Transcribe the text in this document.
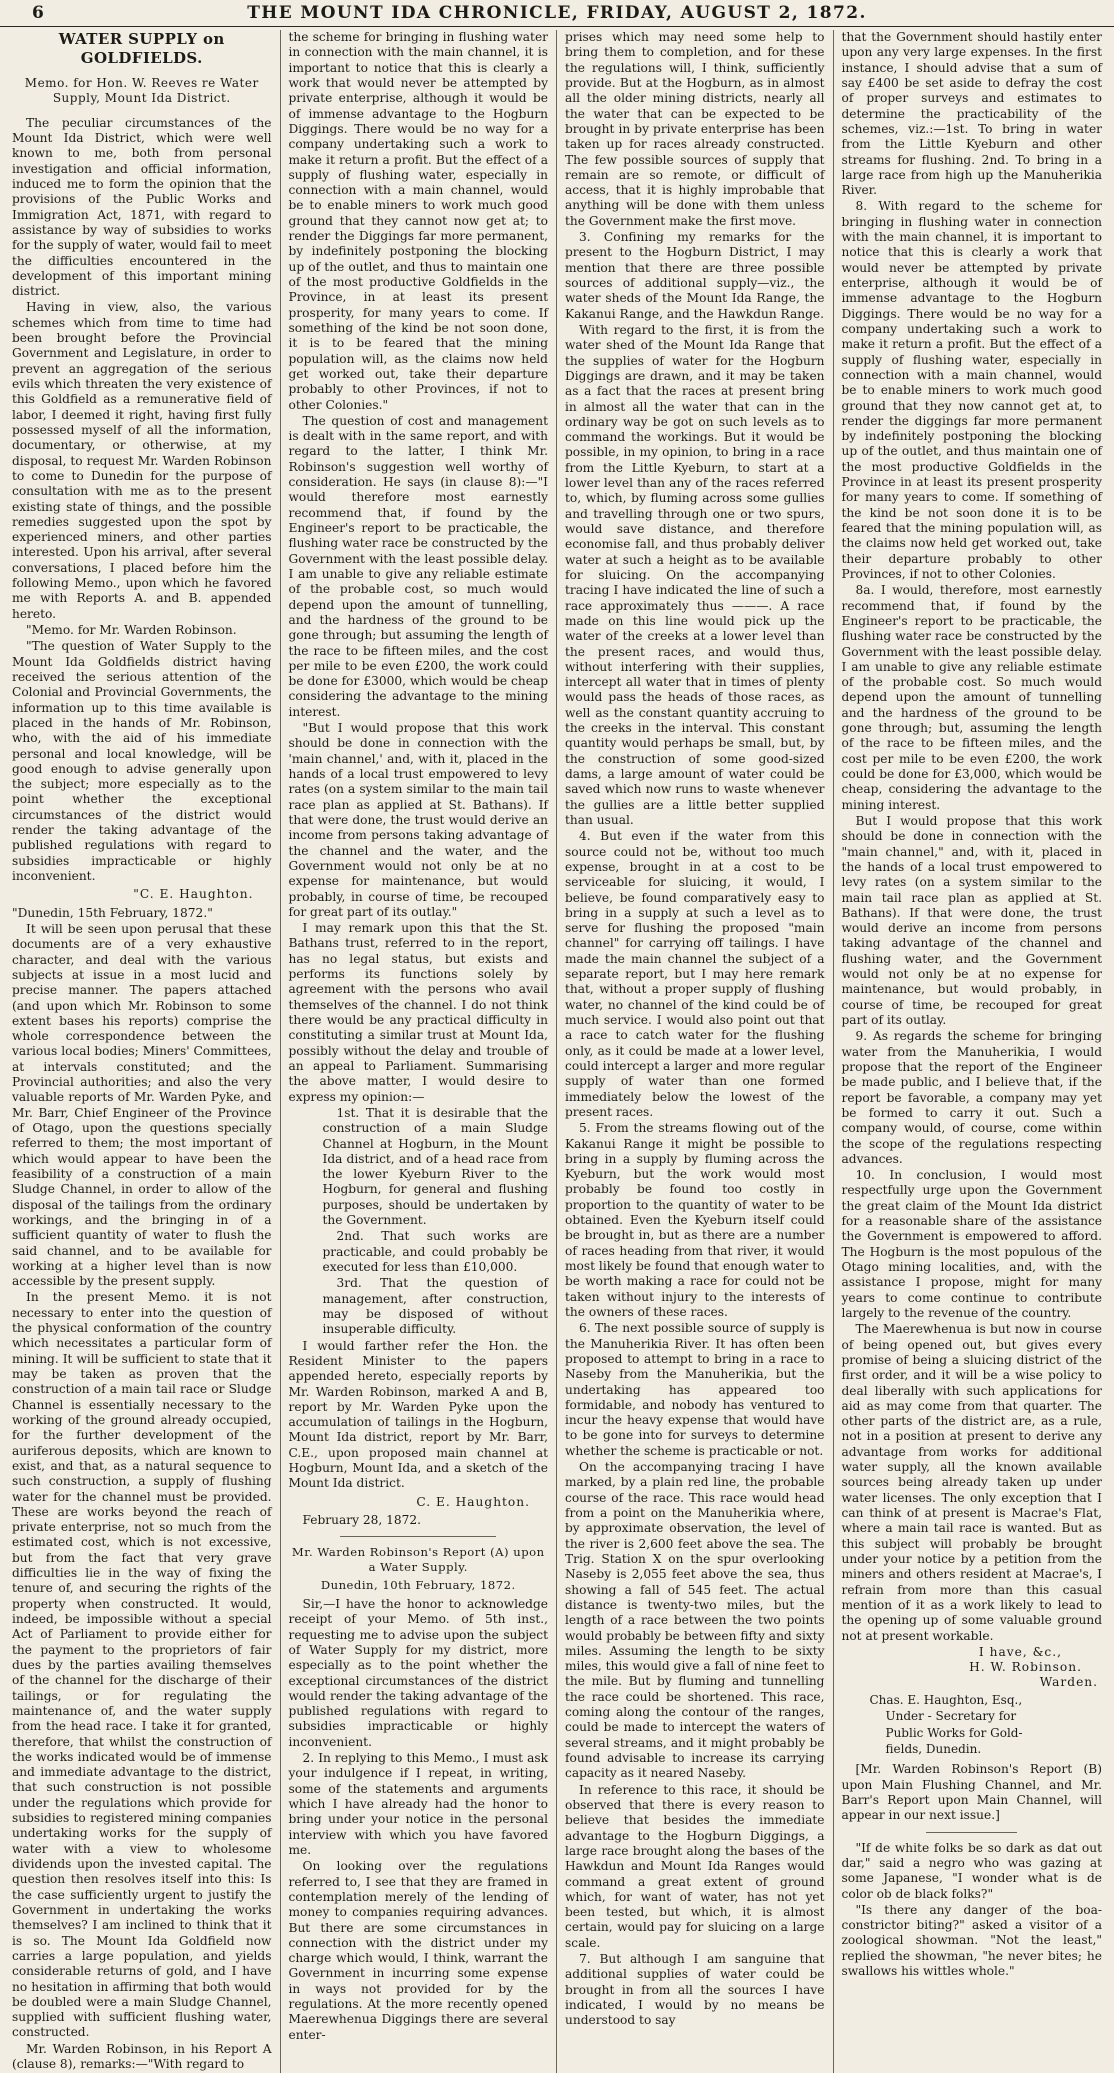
6	THE MOUNT IDA CHRONICLE, FRIDAY, AUGUST 2, 1872.
WATER SUPPLY on GOLDFIELDS.
Memo. for Hon. W. Reeves re Water Supply, Mount Ida District.

The peculiar circumstances of the Mount Ida District, which were well known to me, both from personal investigation and official information, induced me to form the opinion that the provisions of the Public Works and Immigration Act, 1871, with regard to assistance by way of subsidies to works for the supply of water, would fail to meet the difficulties encountered in the development of this important mining district.

Having in view, also, the various schemes which from time to time had been brought before the Provincial Government and Legislature, in order to prevent an aggregation of the serious evils which threaten the very existence of this Goldfield as a remunerative field of labor, I deemed it right, having first fully possessed myself of all the information, documentary, or otherwise, at my disposal, to request Mr. Warden Robinson to come to Dunedin for the purpose of consultation with me as to the present existing state of things, and the possible remedies suggested upon the spot by experienced miners, and other parties interested. Upon his arrival, after several conversations, I placed before him the following Memo., upon which he favored me with Reports A. and B. appended hereto.

"Memo. for Mr. Warden Robinson.

"The question of Water Supply to the Mount Ida Goldfields district having received the serious attention of the Colonial and Provincial Governments, the information up to this time available is placed in the hands of Mr. Robinson, who, with the aid of his immediate personal and local knowledge, will be good enough to advise generally upon the subject; more especially as to the point whether the exceptional circumstances of the district would render the taking advantage of the published regulations with regard to subsidies impracticable or highly inconvenient.

"C. E. Haughton.

"Dunedin, 15th February, 1872."

It will be seen upon perusal that these documents are of a very exhaustive character, and deal with the various subjects at issue in a most lucid and precise manner. The papers attached (and upon which Mr. Robinson to some extent bases his reports) comprise the whole correspondence between the various local bodies; Miners' Committees, at intervals constituted; and the Provincial authorities; and also the very valuable reports of Mr. Warden Pyke, and Mr. Barr, Chief Engineer of the Province of Otago, upon the questions specially referred to them; the most important of which would appear to have been the feasibility of a construction of a main Sludge Channel, in order to allow of the disposal of the tailings from the ordinary workings, and the bringing in of a sufficient quantity of water to flush the said channel, and to be available for working at a higher level than is now accessible by the present supply.

In the present Memo. it is not necessary to enter into the question of the physical conformation of the country which necessitates a particular form of mining. It will be sufficient to state that it may be taken as proven that the construction of a main tail race or Sludge Channel is essentially necessary to the working of the ground already occupied, for the further development of the auriferous deposits, which are known to exist, and that, as a natural sequence to such construction, a supply of flushing water for the channel must be provided. These are works beyond the reach of private enterprise, not so much from the estimated cost, which is not excessive, but from the fact that very grave difficulties lie in the way of fixing the tenure of, and securing the rights of the property when constructed. It would, indeed, be impossible without a special Act of Parliament to provide either for the payment to the proprietors of fair dues by the parties availing themselves of the channel for the discharge of their tailings, or for regulating the maintenance of, and the water supply from the head race. I take it for granted, therefore, that whilst the construction of the works indicated would be of immense and immediate advantage to the district, that such construction is not possible under the regulations which provide for subsidies to registered mining companies undertaking works for the supply of water with a view to wholesome dividends upon the invested capital. The question then resolves itself into this: Is the case sufficiently urgent to justify the Government in undertaking the works themselves? I am inclined to think that it is so. The Mount Ida Goldfield now carries a large population, and yields considerable returns of gold, and I have no hesitation in affirming that both would be doubled were a main Sludge Channel, supplied with sufficient flushing water, constructed.

Mr. Warden Robinson, in his Report A (clause 8), remarks:—"With regard to

the scheme for bringing in flushing water in connection with the main channel, it is important to notice that this is clearly a work that would never be attempted by private enterprise, although it would be of immense advantage to the Hogburn Diggings. There would be no way for a company undertaking such a work to make it return a profit. But the effect of a supply of flushing water, especially in connection with a main channel, would be to enable miners to work much good ground that they cannot now get at; to render the Diggings far more permanent, by indefinitely postponing the blocking up of the outlet, and thus to maintain one of the most productive Goldfields in the Province, in at least its present prosperity, for many years to come. If something of the kind be not soon done, it is to be feared that the mining population will, as the claims now held get worked out, take their departure probably to other Provinces, if not to other Colonies."

The question of cost and management is dealt with in the same report, and with regard to the latter, I think Mr. Robinson's suggestion well worthy of consideration. He says (in clause 8):—"I would therefore most earnestly recommend that, if found by the Engineer's report to be practicable, the flushing water race be constructed by the Government with the least possible delay. I am unable to give any reliable estimate of the probable cost, so much would depend upon the amount of tunnelling, and the hardness of the ground to be gone through; but assuming the length of the race to be fifteen miles, and the cost per mile to be even £200, the work could be done for £3000, which would be cheap considering the advantage to the mining interest.

"But I would propose that this work should be done in connection with the 'main channel,' and, with it, placed in the hands of a local trust empowered to levy rates (on a system similar to the main tail race plan as applied at St. Bathans). If that were done, the trust would derive an income from persons taking advantage of the channel and the water, and the Government would not only be at no expense for maintenance, but would probably, in course of time, be recouped for great part of its outlay."

I may remark upon this that the St. Bathans trust, referred to in the report, has no legal status, but exists and performs its functions solely by agreement with the persons who avail themselves of the channel. I do not think there would be any practical difficulty in constituting a similar trust at Mount Ida, possibly without the delay and trouble of an appeal to Parliament. Summarising the above matter, I would desire to express my opinion:—

1st. That it is desirable that the construction of a main Sludge Channel at Hogburn, in the Mount Ida district, and of a head race from the lower Kyeburn River to the Hogburn, for general and flushing purposes, should be undertaken by the Government.

2nd. That such works are practicable, and could probably be executed for less than £10,000.

3rd. That the question of management, after construction, may be disposed of without insuperable difficulty.

I would farther refer the Hon. the Resident Minister to the papers appended hereto, especially reports by Mr. Warden Robinson, marked A and B, report by Mr. Warden Pyke upon the accumulation of tailings in the Hogburn, Mount Ida district, report by Mr. Barr, C.E., upon proposed main channel at Hogburn, Mount Ida, and a sketch of the Mount Ida district.

C. E. Haughton.

February 28, 1872.

Mr. Warden Robinson's Report (A) upon a Water Supply.
Dunedin, 10th February, 1872.

Sir,—I have the honor to acknowledge receipt of your Memo. of 5th inst., requesting me to advise upon the subject of Water Supply for my district, more especially as to the point whether the exceptional circumstances of the district would render the taking advantage of the published regulations with regard to subsidies impracticable or highly inconvenient.

2. In replying to this Memo., I must ask your indulgence if I repeat, in writing, some of the statements and arguments which I have already had the honor to bring under your notice in the personal interview with which you have favored me.

On looking over the regulations referred to, I see that they are framed in contemplation merely of the lending of money to companies requiring advances. But there are some circumstances in connection with the district under my charge which would, I think, warrant the Government in incurring some expense in ways not provided for by the regulations. At the more recently opened Maerewhenua Diggings there are several enter-

prises which may need some help to bring them to completion, and for these the regulations will, I think, sufficiently provide. But at the Hogburn, as in almost all the older mining districts, nearly all the water that can be expected to be brought in by private enterprise has been taken up for races already constructed. The few possible sources of supply that remain are so remote, or difficult of access, that it is highly improbable that anything will be done with them unless the Government make the first move.

3. Confining my remarks for the present to the Hogburn District, I may mention that there are three possible sources of additional supply—viz., the water sheds of the Mount Ida Range, the Kakanui Range, and the Hawkdun Range.

With regard to the first, it is from the water shed of the Mount Ida Range that the supplies of water for the Hogburn Diggings are drawn, and it may be taken as a fact that the races at present bring in almost all the water that can in the ordinary way be got on such levels as to command the workings. But it would be possible, in my opinion, to bring in a race from the Little Kyeburn, to start at a lower level than any of the races referred to, which, by fluming across some gullies and travelling through one or two spurs, would save distance, and therefore economise fall, and thus probably deliver water at such a height as to be available for sluicing. On the accompanying tracing I have indicated the line of such a race approximately thus ———. A race made on this line would pick up the water of the creeks at a lower level than the present races, and would thus, without interfering with their supplies, intercept all water that in times of plenty would pass the heads of those races, as well as the constant quantity accruing to the creeks in the interval. This constant quantity would perhaps be small, but, by the construction of some good-sized dams, a large amount of water could be saved which now runs to waste whenever the gullies are a little better supplied than usual.

4. But even if the water from this source could not be, without too much expense, brought in at a cost to be serviceable for sluicing, it would, I believe, be found comparatively easy to bring in a supply at such a level as to serve for flushing the proposed "main channel" for carrying off tailings. I have made the main channel the subject of a separate report, but I may here remark that, without a proper supply of flushing water, no channel of the kind could be of much service. I would also point out that a race to catch water for the flushing only, as it could be made at a lower level, could intercept a larger and more regular supply of water than one formed immediately below the lowest of the present races.

5. From the streams flowing out of the Kakanui Range it might be possible to bring in a supply by fluming across the Kyeburn, but the work would most probably be found too costly in proportion to the quantity of water to be obtained. Even the Kyeburn itself could be brought in, but as there are a number of races heading from that river, it would most likely be found that enough water to be worth making a race for could not be taken without injury to the interests of the owners of these races.

6. The next possible source of supply is the Manuherikia River. It has often been proposed to attempt to bring in a race to Naseby from the Manuherikia, but the undertaking has appeared too formidable, and nobody has ventured to incur the heavy expense that would have to be gone into for surveys to determine whether the scheme is practicable or not.

On the accompanying tracing I have marked, by a plain red line, the probable course of the race. This race would head from a point on the Manuherikia where, by approximate observation, the level of the river is 2,600 feet above the sea. The Trig. Station X on the spur overlooking Naseby is 2,055 feet above the sea, thus showing a fall of 545 feet. The actual distance is twenty-two miles, but the length of a race between the two points would probably be between fifty and sixty miles. Assuming the length to be sixty miles, this would give a fall of nine feet to the mile. But by fluming and tunnelling the race could be shortened. This race, coming along the contour of the ranges, could be made to intercept the waters of several streams, and it might probably be found advisable to increase its carrying capacity as it neared Naseby.

In reference to this race, it should be observed that there is every reason to believe that besides the immediate advantage to the Hogburn Diggings, a large race brought along the bases of the Hawkdun and Mount Ida Ranges would command a great extent of ground which, for want of water, has not yet been tested, but which, it is almost certain, would pay for sluicing on a large scale.

7. But although I am sanguine that additional supplies of water could be brought in from all the sources I have indicated, I would by no means be understood to say

that the Government should hastily enter upon any very large expenses. In the first instance, I should advise that a sum of say £400 be set aside to defray the cost of proper surveys and estimates to determine the practicability of the schemes, viz.:—1st. To bring in water from the Little Kyeburn and other streams for flushing. 2nd. To bring in a large race from high up the Manuherikia River.

8. With regard to the scheme for bringing in flushing water in connection with the main channel, it is important to notice that this is clearly a work that would never be attempted by private enterprise, although it would be of immense advantage to the Hogburn Diggings. There would be no way for a company undertaking such a work to make it return a profit. But the effect of a supply of flushing water, especially in connection with a main channel, would be to enable miners to work much good ground that they now cannot get at, to render the diggings far more permanent by indefinitely postponing the blocking up of the outlet, and thus maintain one of the most productive Goldfields in the Province in at least its present prosperity for many years to come. If something of the kind be not soon done it is to be feared that the mining population will, as the claims now held get worked out, take their departure probably to other Provinces, if not to other Colonies.

8a. I would, therefore, most earnestly recommend that, if found by the Engineer's report to be practicable, the flushing water race be constructed by the Government with the least possible delay. I am unable to give any reliable estimate of the probable cost. So much would depend upon the amount of tunnelling and the hardness of the ground to be gone through; but, assuming the length of the race to be fifteen miles, and the cost per mile to be even £200, the work could be done for £3,000, which would be cheap, considering the advantage to the mining interest.

But I would propose that this work should be done in connection with the "main channel," and, with it, placed in the hands of a local trust empowered to levy rates (on a system similar to the main tail race plan as applied at St. Bathans). If that were done, the trust would derive an income from persons taking advantage of the channel and flushing water, and the Government would not only be at no expense for maintenance, but would probably, in course of time, be recouped for great part of its outlay.

9. As regards the scheme for bringing water from the Manuherikia, I would propose that the report of the Engineer be made public, and I believe that, if the report be favorable, a company may yet be formed to carry it out. Such a company would, of course, come within the scope of the regulations respecting advances.

10. In conclusion, I would most respectfully urge upon the Government the great claim of the Mount Ida district for a reasonable share of the assistance the Government is empowered to afford. The Hogburn is the most populous of the Otago mining localities, and, with the assistance I propose, might for many years to come continue to contribute largely to the revenue of the country.

The Maerewhenua is but now in course of being opened out, but gives every promise of being a sluicing district of the first order, and it will be a wise policy to deal liberally with such applications for aid as may come from that quarter. The other parts of the district are, as a rule, not in a position at present to derive any advantage from works for additional water supply, all the known available sources being already taken up under water licenses. The only exception that I can think of at present is Macrae's Flat, where a main tail race is wanted. But as this subject will probably be brought under your notice by a petition from the miners and others resident at Macrae's, I refrain from more than this casual mention of it as a work likely to lead to the opening up of some valuable ground not at present workable.

I have, &c.,
H. W. Robinson.
Warden.
Chas. E. Haughton, Esq.,
Under - Secretary for
Public Works for Gold-
fields, Dunedin.

[Mr. Warden Robinson's Report (B) upon Main Flushing Channel, and Mr. Barr's Report upon Main Channel, will appear in our next issue.]

"If de white folks be so dark as dat out dar," said a negro who was gazing at some Japanese, "I wonder what is de color ob de black folks?"

"Is there any danger of the boa-constrictor biting?" asked a visitor of a zoological showman. "Not the least," replied the showman, "he never bites; he swallows his wittles whole."
